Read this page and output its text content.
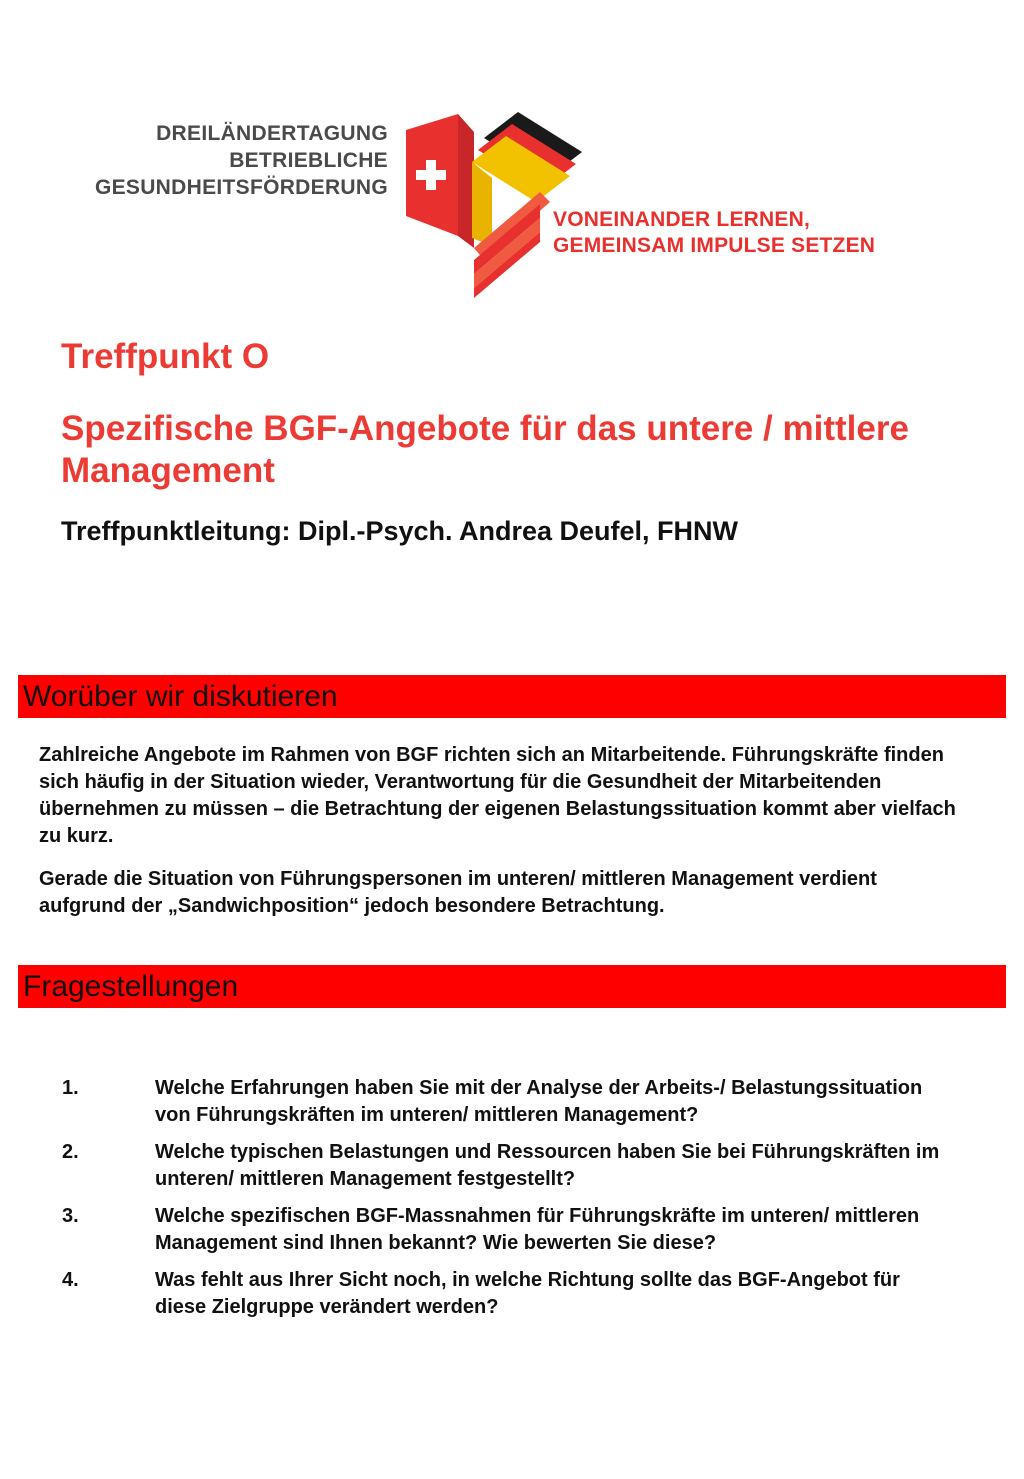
DREILÄNDERTAGUNG
BETRIEBLICHE
GESUNDHEITSFÖRDERUNG
VONEINANDER LERNEN,
GEMEINSAM IMPULSE SETZEN
Treffpunkt O
Spezifische BGF-Angebote für das untere / mittlere Management
Treffpunktleitung: Dipl.-Psych. Andrea Deufel, FHNW
Worüber wir diskutieren
Zahlreiche Angebote im Rahmen von BGF richten sich an Mitarbeitende. Führungskräfte finden sich häufig in der Situation wieder, Verantwortung für die Gesundheit der Mitarbeitenden übernehmen zu müssen – die Betrachtung der eigenen Belastungssituation kommt aber vielfach zu kurz.
Gerade die Situation von Führungspersonen im unteren/ mittleren Management verdient aufgrund der „Sandwichposition“ jedoch besondere Betrachtung.
Fragestellungen
1.	Welche Erfahrungen haben Sie mit der Analyse der Arbeits-/ Belastungssituation von Führungskräften im unteren/ mittleren Management?
2.	Welche typischen Belastungen und Ressourcen haben Sie bei Führungskräften im unteren/ mittleren Management festgestellt?
3.	Welche spezifischen BGF-Massnahmen für Führungskräfte im unteren/ mittleren Management sind Ihnen bekannt? Wie bewerten Sie diese?
4.	Was fehlt aus Ihrer Sicht noch, in welche Richtung sollte das BGF-Angebot für diese Zielgruppe verändert werden?
